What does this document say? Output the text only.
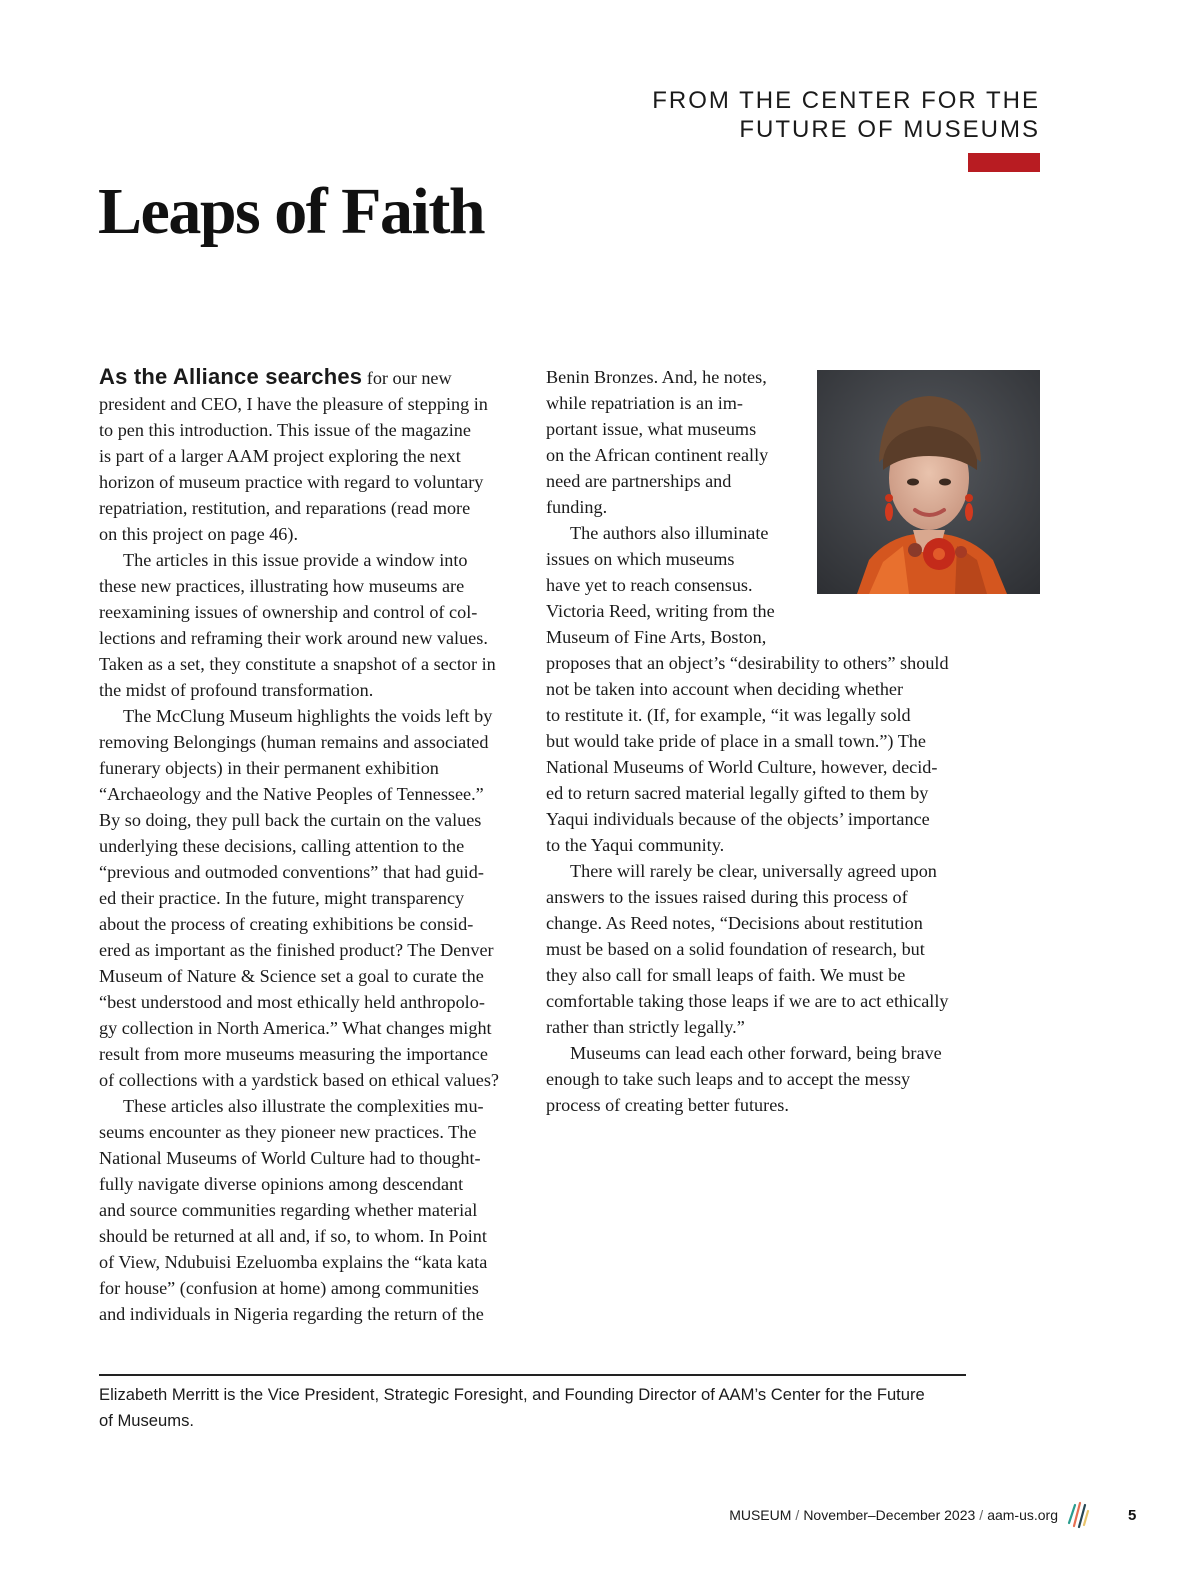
FROM THE CENTER FOR THE
FUTURE OF MUSEUMS
Leaps of Faith
As the Alliance searches for our new
president and CEO, I have the pleasure of stepping in
to pen this introduction. This issue of the magazine
is part of a larger AAM project exploring the next
horizon of museum practice with regard to voluntary
repatriation, restitution, and reparations (read more
on this project on page 46).
The articles in this issue provide a window into
these new practices, illustrating how museums are
reexamining issues of ownership and control of col-
lections and reframing their work around new values.
Taken as a set, they constitute a snapshot of a sector in
the midst of profound transformation.
The McClung Museum highlights the voids left by
removing Belongings (human remains and associated
funerary objects) in their permanent exhibition
“Archaeology and the Native Peoples of Tennessee.”
By so doing, they pull back the curtain on the values
underlying these decisions, calling attention to the
“previous and outmoded conventions” that had guid-
ed their practice. In the future, might transparency
about the process of creating exhibitions be consid-
ered as important as the finished product? The Denver
Museum of Nature & Science set a goal to curate the
“best understood and most ethically held anthropolo-
gy collection in North America.” What changes might
result from more museums measuring the importance
of collections with a yardstick based on ethical values?
These articles also illustrate the complexities mu-
seums encounter as they pioneer new practices. The
National Museums of World Culture had to thought-
fully navigate diverse opinions among descendant
and source communities regarding whether material
should be returned at all and, if so, to whom. In Point
of View, Ndubuisi Ezeluomba explains the “kata kata
for house” (confusion at home) among communities
and individuals in Nigeria regarding the return of the
Benin Bronzes. And, he notes,
while repatriation is an im-
portant issue, what museums
on the African continent really
need are partnerships and
funding.
The authors also illuminate
issues on which museums
have yet to reach consensus.
Victoria Reed, writing from the
Museum of Fine Arts, Boston,
proposes that an object’s “desirability to others” should
not be taken into account when deciding whether
to restitute it. (If, for example, “it was legally sold
but would take pride of place in a small town.”) The
National Museums of World Culture, however, decid-
ed to return sacred material legally gifted to them by
Yaqui individuals because of the objects’ importance
to the Yaqui community.
There will rarely be clear, universally agreed upon
answers to the issues raised during this process of
change. As Reed notes, “Decisions about restitution
must be based on a solid foundation of research, but
they also call for small leaps of faith. We must be
comfortable taking those leaps if we are to act ethically
rather than strictly legally.”
Museums can lead each other forward, being brave
enough to take such leaps and to accept the messy
process of creating better futures.
Elizabeth Merritt is the Vice President, Strategic Foresight, and Founding Director of AAM’s Center for the Future
of Museums.
MUSEUM / November–December 2023 / aam-us.org	5
